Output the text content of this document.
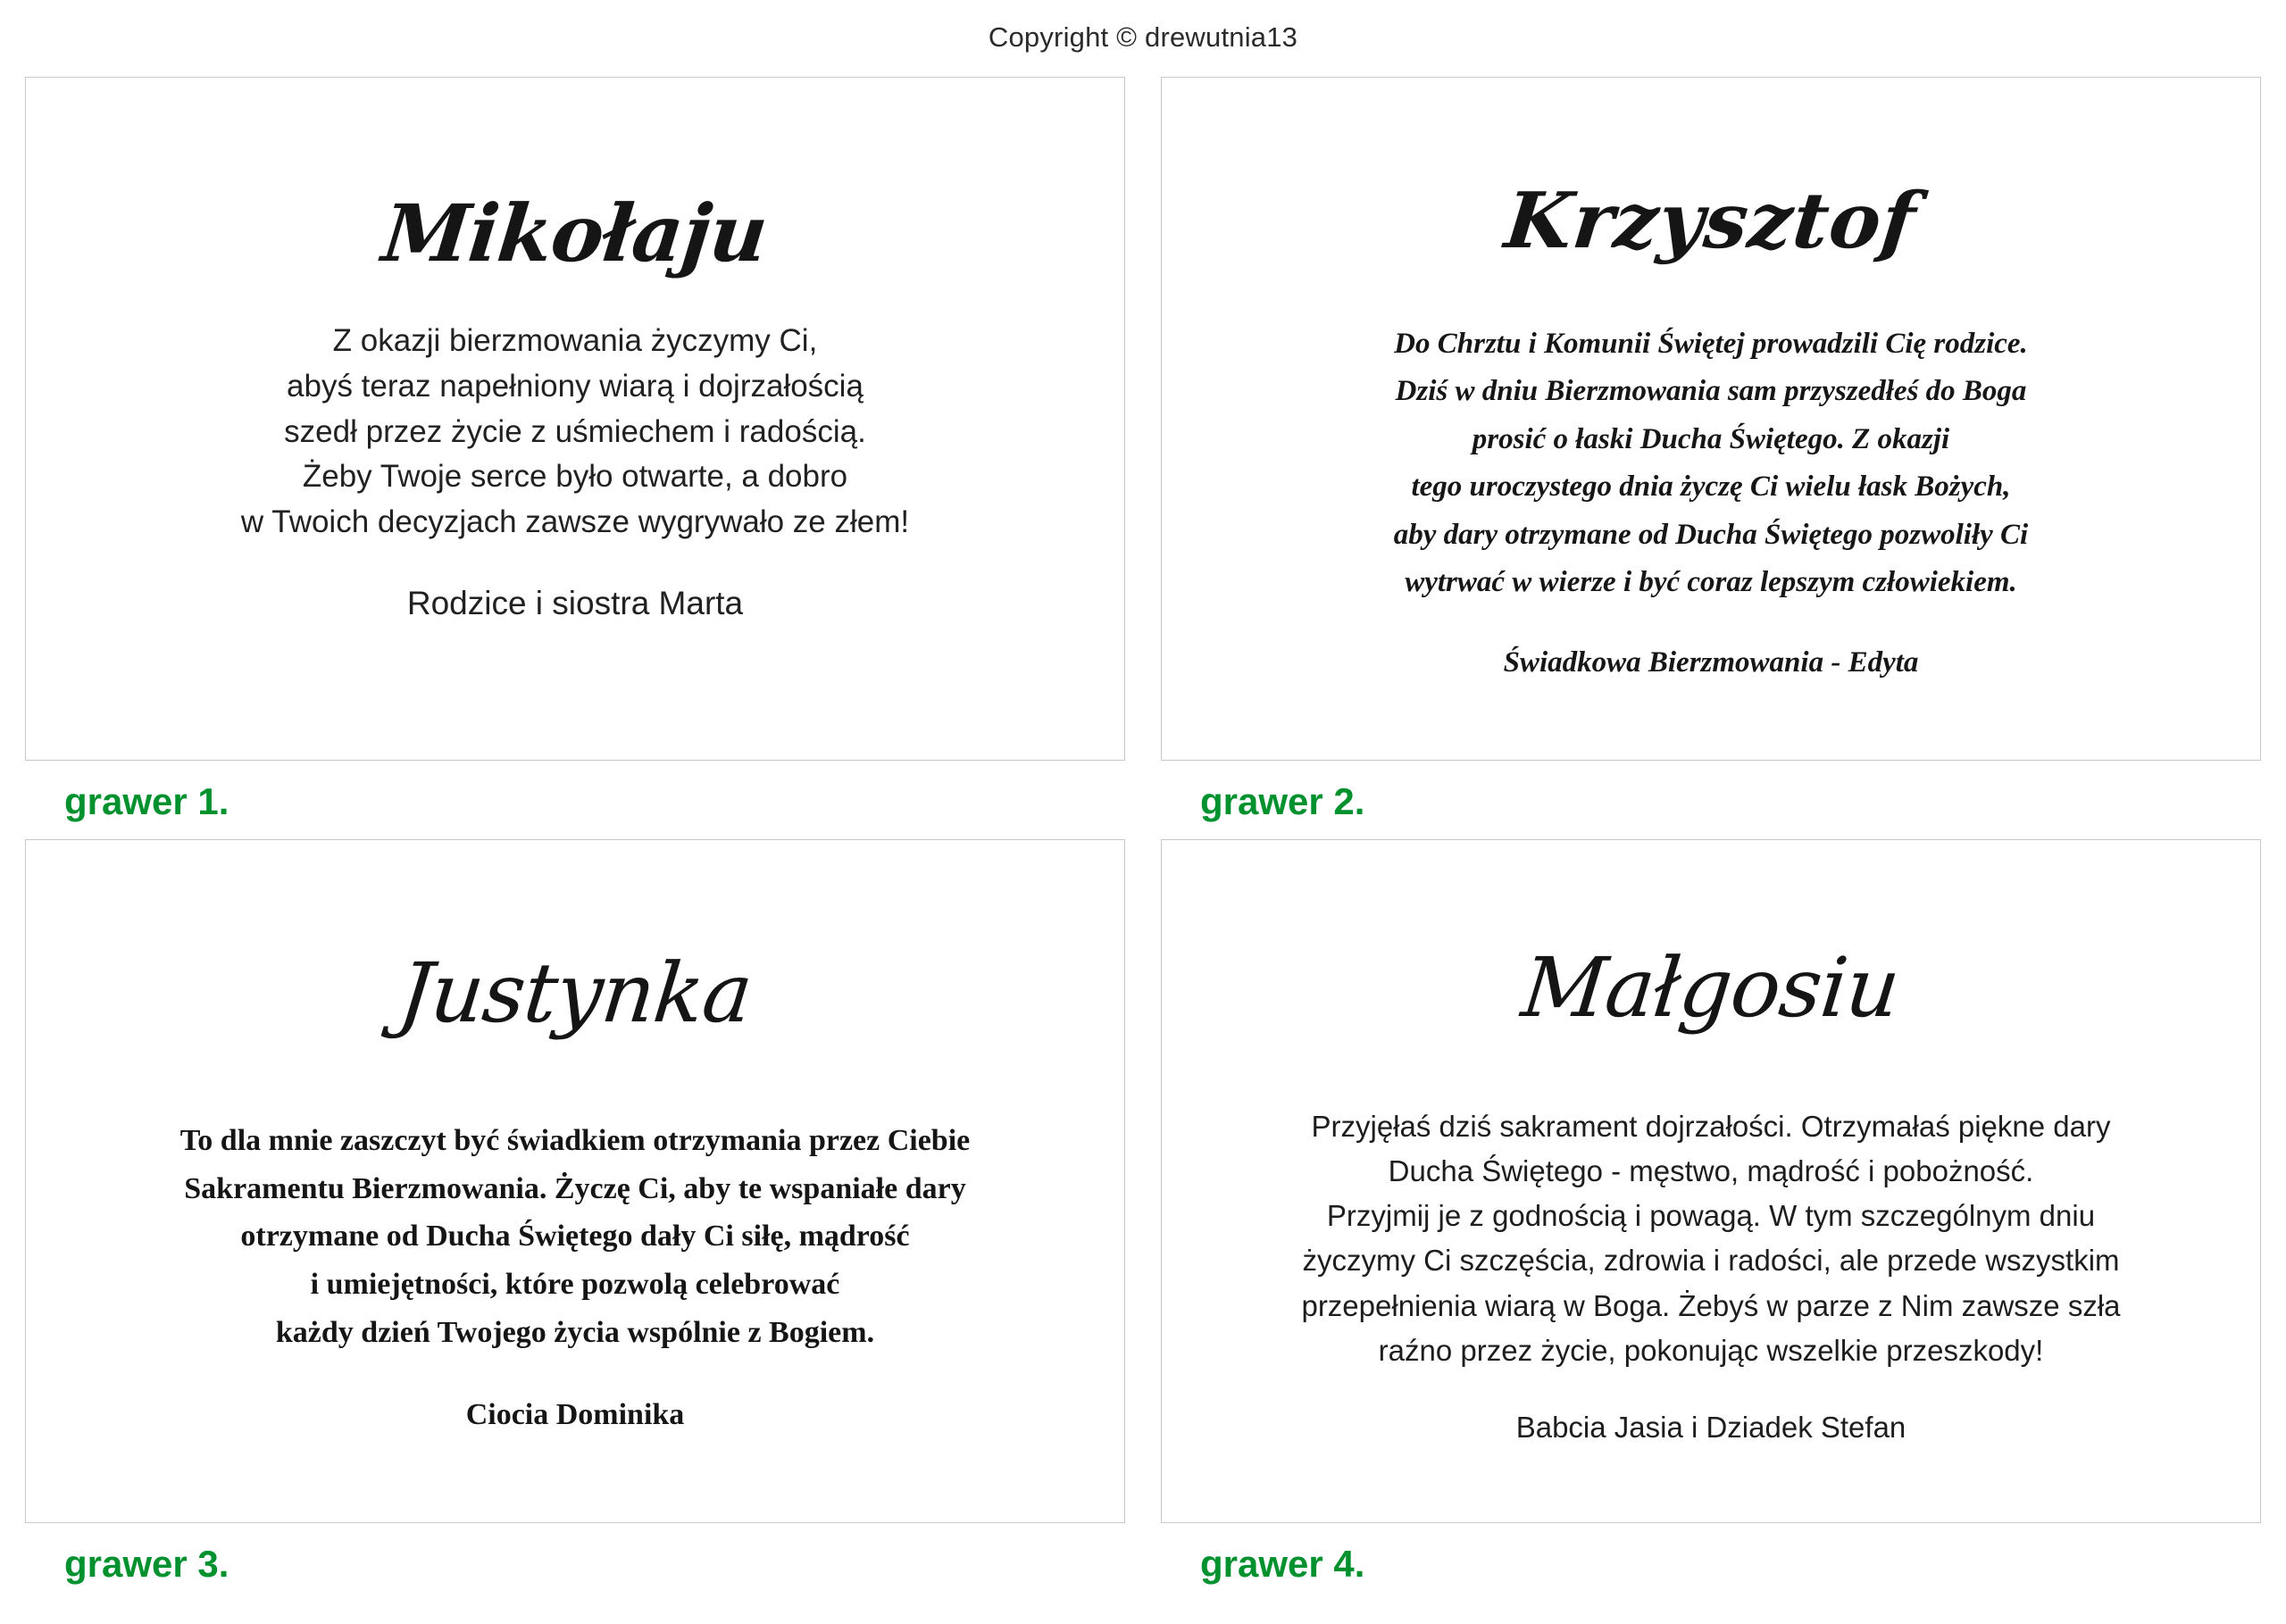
Copyright © drewutnia13
Mikołaju
Z okazji bierzmowania życzymy Ci,
abyś teraz napełniony wiarą i dojrzałością
szedł przez życie z uśmiechem i radością.
Żeby Twoje serce było otwarte, a dobro
w Twoich decyzjach zawsze wygrywało ze złem!
Rodzice i siostra Marta
grawer 1.
Krzysztof
Do Chrztu i Komunii Świętej prowadzili Cię rodzice.
Dziś w dniu Bierzmowania sam przyszedłeś do Boga
prosić o łaski Ducha Świętego. Z okazji
tego uroczystego dnia życzę Ci wielu łask Bożych,
aby dary otrzymane od Ducha Świętego pozwoliły Ci
wytrwać w wierze i być coraz lepszym człowiekiem.
Świadkowa Bierzmowania - Edyta
grawer 2.
Justynka
To dla mnie zaszczyt być świadkiem otrzymania przez Ciebie
Sakramentu Bierzmowania. Życzę Ci, aby te wspaniałe dary
otrzymane od Ducha Świętego dały Ci siłę, mądrość
i umiejętności, które pozwolą celebrować
każdy dzień Twojego życia wspólnie z Bogiem.
Ciocia Dominika
grawer 3.
Małgosiu
Przyjęłaś dziś sakrament dojrzałości. Otrzymałaś piękne dary
Ducha Świętego - męstwo, mądrość i pobożność.
Przyjmij je z godnością i powagą. W tym szczególnym dniu
życzymy Ci szczęścia, zdrowia i radości, ale przede wszystkim
przepełnienia wiarą w Boga. Żebyś w parze z Nim zawsze szła
raźno przez życie, pokonując wszelkie przeszkody!
Babcia Jasia i Dziadek Stefan
grawer 4.
